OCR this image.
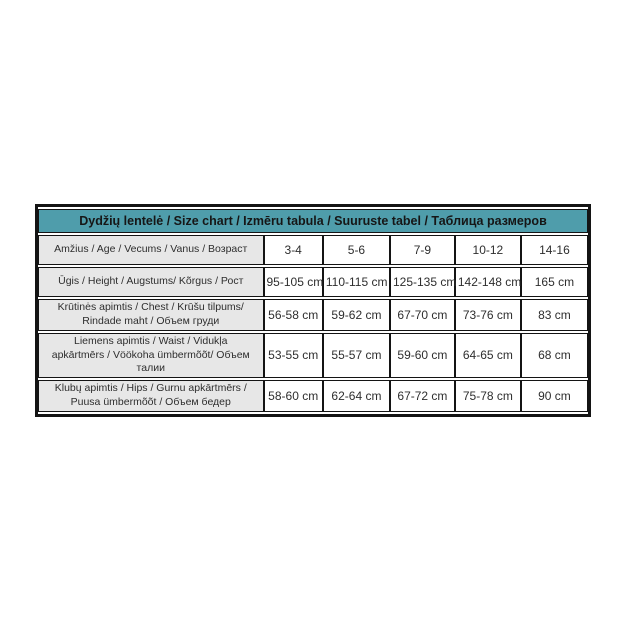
Dydžių lentelė / Size chart / Izmēru tabula / Suuruste tabel / Таблица размеров					
Amžius / Age / Vecums / Vanus / Возраст	3-4	5-6	7-9	10-12	14-16
Ūgis / Height / Augstums/ Kõrgus / Рост	95-105 cm	110-115 cm	125-135 cm	142-148 cm	165 cm
Krūtinės apimtis / Chest / Krūšu tilpums/ Rindade maht / Объем груди	56-58 cm	59-62 cm	67-70 cm	73-76 cm	83 cm
Liemens apimtis / Waist / Vidukļa apkārtmērs / Vöökoha ümbermõõt/ Объем талии	53-55 cm	55-57 cm	59-60 cm	64-65 cm	68 cm
Klubų apimtis / Hips / Gurnu apkārtmērs / Puusa ümbermõõt / Объем бедер	58-60 cm	62-64 cm	67-72 cm	75-78 cm	90 cm
